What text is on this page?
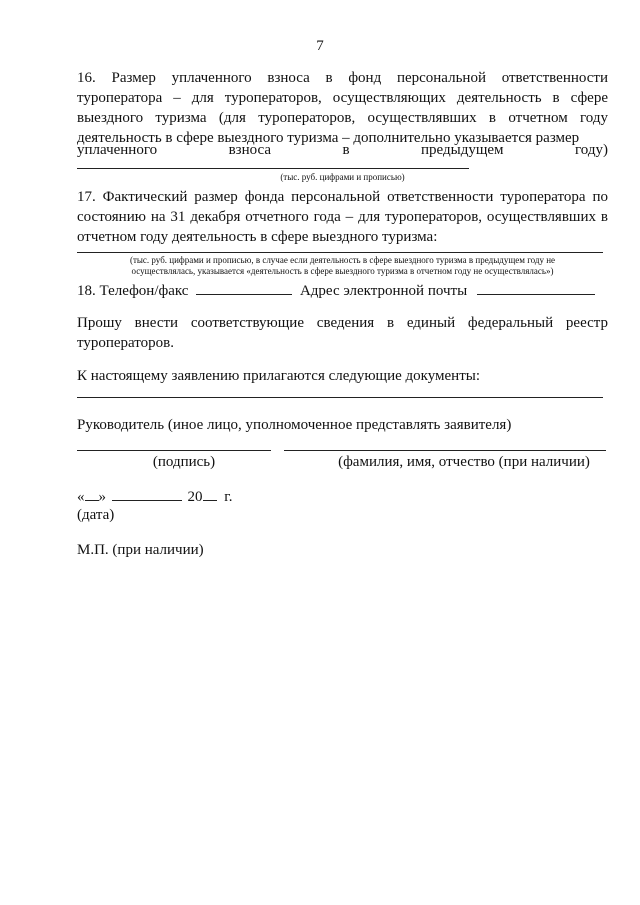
7
16. Размер уплаченного взноса в фонд персональной ответственности туроператора – для туроператоров, осуществляющих деятельность в сфере выездного туризма (для туроператоров, осуществлявших в отчетном году деятельность в сфере выездного туризма – дополнительно указывается размер
уплаченного взноса в предыдущем году)
(тыс. руб. цифрами и прописью)
17. Фактический размер фонда персональной ответственности туроператора по состоянию на 31 декабря отчетного года – для туроператоров, осуществлявших в отчетном году деятельность в сфере выездного туризма:
(тыс. руб. цифрами и прописью, в случае если деятельность в сфере выездного туризма в предыдущем году не
осуществлялась, указывается «деятельность в сфере выездного туризма в отчетном году не осуществлялась»)
18. Телефон/факс	Адрес электронной почты
Прошу внести соответствующие сведения в единый федеральный реестр туроператоров.
К настоящему заявлению прилагаются следующие документы:
Руководитель (иное лицо, уполномоченное представлять заявителя)
(подпись)	(фамилия, имя, отчество (при наличии)
« »	20 г.
(дата)
М.П. (при наличии)
